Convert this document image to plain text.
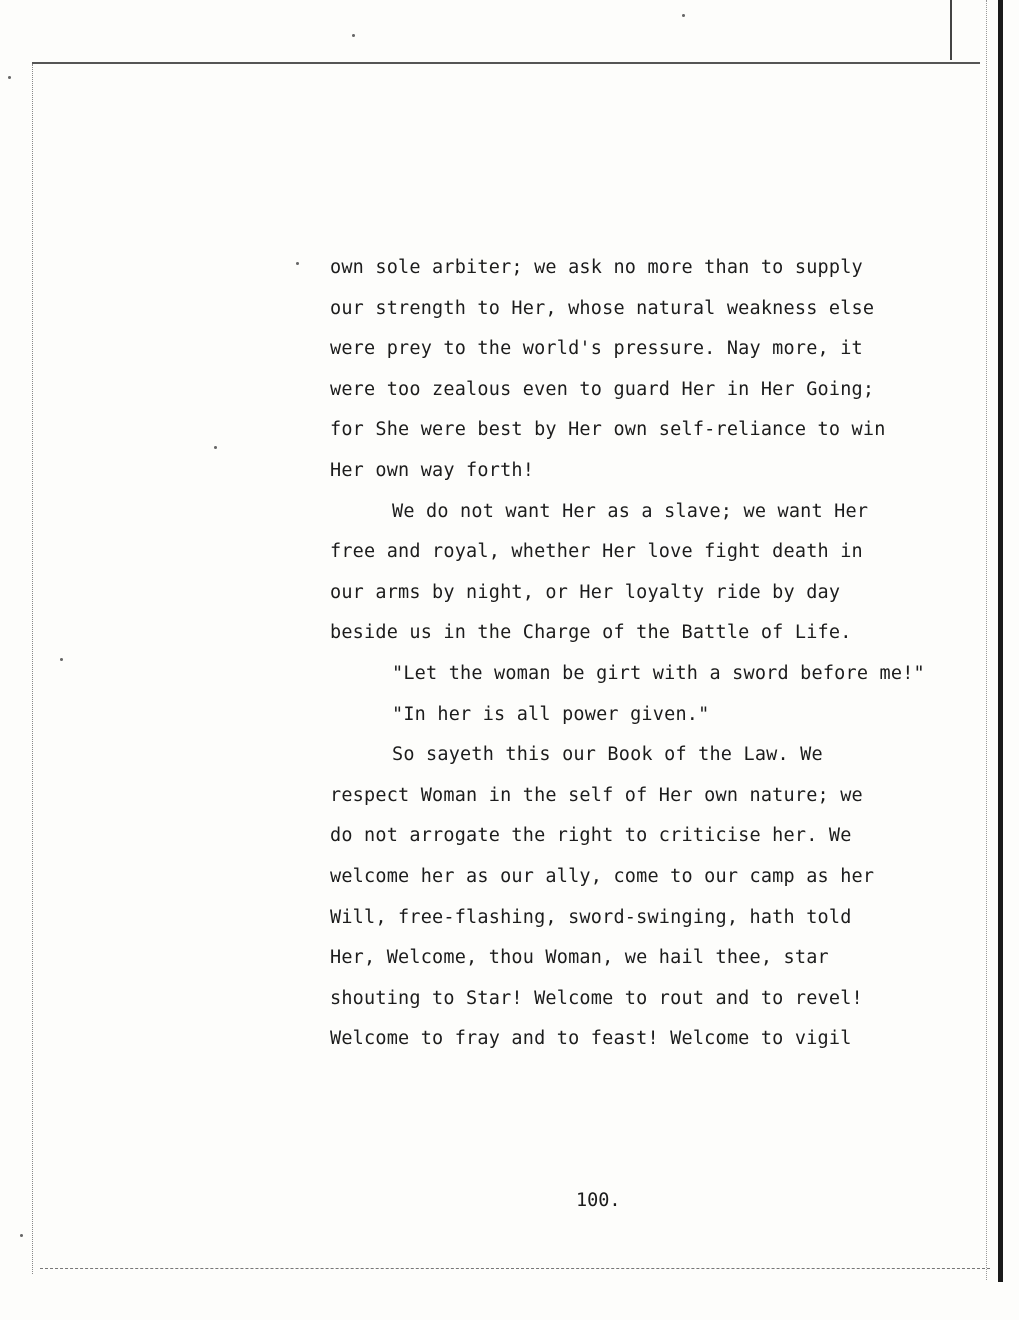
own sole arbiter; we ask no more than to supply
our strength to Her, whose natural weakness else
were prey to the world's pressure. Nay more, it
were too zealous even to guard Her in Her Going;
for She were best by Her own self-reliance to win
Her own way forth!
We do not want Her as a slave; we want Her
free and royal, whether Her love fight death in
our arms by night, or Her loyalty ride by day
beside us in the Charge of the Battle of Life.
"Let the woman be girt with a sword before me!"
"In her is all power given."
So sayeth this our Book of the Law. We
respect Woman in the self of Her own nature; we
do not arrogate the right to criticise her. We
welcome her as our ally, come to our camp as her
Will, free-flashing, sword-swinging, hath told
Her, Welcome, thou Woman, we hail thee, star
shouting to Star! Welcome to rout and to revel!
Welcome to fray and to feast! Welcome to vigil
100.
